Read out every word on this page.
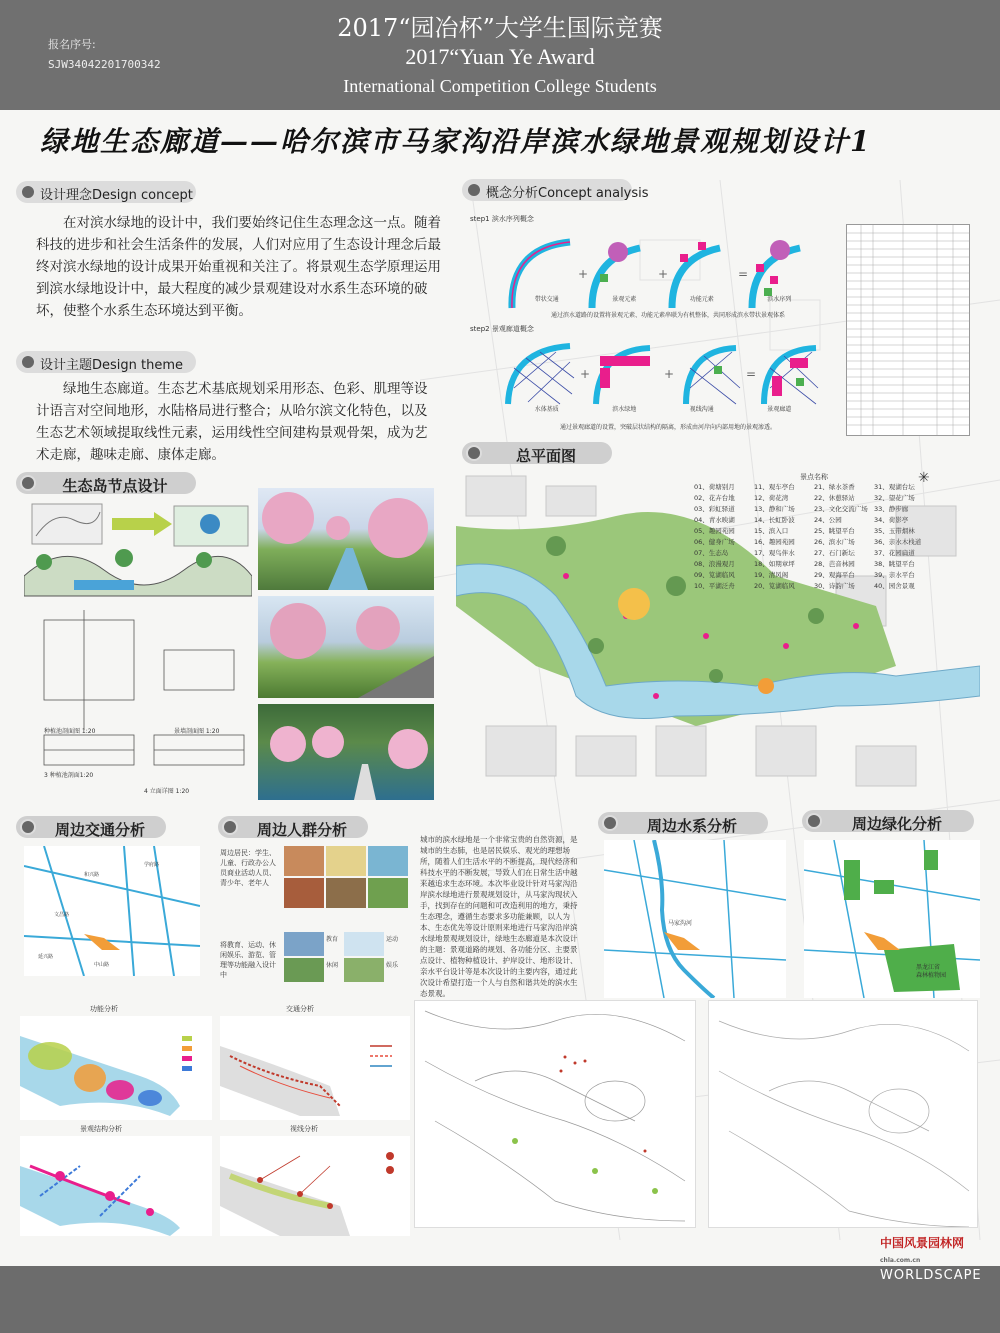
2017“园冶杯”大学生国际竞赛
2017“Yuan Ye Award
International Competition College Students
报名序号:
SJW34042201700342
绿地生态廊道——哈尔滨市马家沟沿岸滨水绿地景观规划设计1
设计理念Design concept
在对滨水绿地的设计中，我们要始终记住生态理念这一点。随着科技的进步和社会生活条件的发展，人们对应用了生态设计理念后最终对滨水绿地的设计成果开始重视和关注了。将景观生态学原理运用到滨水绿地设计中，最大程度的减少景观建设对水系生态环境的破坏，使整个水系生态环境达到平衡。
设计主题Design theme
绿地生态廊道。生态艺术基底规划采用形态、色彩、肌理等设计语言对空间地形，水陆格局进行整合；从哈尔滨文化特色，以及生态艺术领域提取线性元素，运用线性空间建构景观骨架，成为艺术走廊，趣味走廊、康体走廊。
生态岛节点设计
种植池剖面图 1:20	景墙剖面图 1:20
3 种植池剖面1:20
4 立面详图 1:20
概念分析Concept analysis
step1 滨水序列概念
+	+	=
带状交通	景观元素	功能元素	滨水序列
通过滨水道路的设置将景观元素、功能元素串联为有机整体，共同形成滨水带状景观体系
step2 景观廊道概念
+	+	=
水体基质	滨水绿地	视线沟通	景观廊道
通过景观廊道的设置，突破层状结构的隔离，形成由河岸向内部用地的景观渗透。
总平面图
✳
景点名称
01、荷塘别月
02、花卉台地
03、彩虹驿道
04、青水映湖
05、趣园苑园
06、健身广场
07、生态岛
08、浪漫观月
09、笕湖临风
10、平湖泛舟
11、观车亭台
12、荷花湾
13、静和广场
14、长虹卧波
15、滨入口
16、趣园苑园
17、观鸟伴水
18、如期章坪
19、清风阁
20、笕湖临风
21、绿水茶香
22、休憩驿站
23、文化交流广场
24、公园
25、眺望平台
26、滨水广场
27、石门新坛
28、芭音林园
29、观海平台
30、诗韵广场
31、观湖台坛
32、望花广场
33、静步廊
34、荷影亭
35、玉带烟林
36、亲水木栈道
37、花园扁道
38、眺望平台
39、亲水平台
40、园舍景观
周边交通分析
和兴路
文昌路
延兴路
学府路
中山路
周边人群分析
周边居民：学生、儿童、行政办公人员商业活动人员、青少年、老年人
将教育、运动、休闲娱乐、游览、管理等功能融入设计中
教育	运动
休闲	娱乐
城市的滨水绿地是一个非常宝贵的自然资源，是城市的生态肺，也是居民娱乐、观光的理想场所，随着人们生活水平的不断提高，现代经济和科技水平的不断发展，导致人们在日常生活中越来越追求生态环境。本次毕业设计针对马家沟沿岸滨水绿地进行景观规划设计，从马家沟现状入手，找到存在的问题和可改造利用的地方，秉持生态理念，遵循生态要求多功能兼顾，以人为本、生态优先等设计原则来地进行马家沟沿岸滨水绿地景观规划设计，绿地生态廊道是本次设计的主题：景观道路的规划、各功能分区、主要景点设计、植物种植设计、护岸设计、地形设计、亲水平台设计等是本次设计的主要内容，通过此次设计希望打造一个人与自然和谐共处的滨水生态景观。
周边水系分析
马家沟河
周边绿化分析
黑龙江省
森林植物园
功能分析	交通分析
景观结构分析	视线分析
中国风景园林网 chla.com.cn
WORLDSCAPE
